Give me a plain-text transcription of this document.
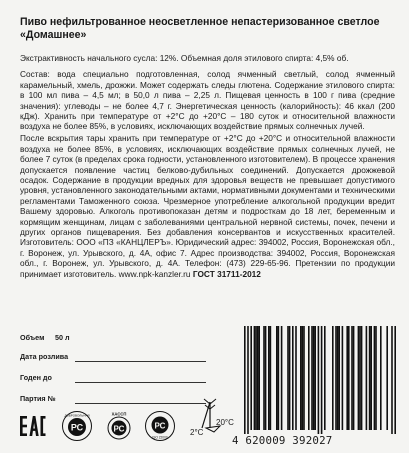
Пиво нефильтрованное неосветленное непастеризованное светлое «Домашнее»

Экстрактивность начального сусла: 12%. Объемная доля этилового спирта: 4,5% об.

Состав: вода специально подготовленная, солод ячменный светлый, солод ячменный карамельный, хмель, дрожжи. Может содержать следы глютена. Содержание этилового спирта: в 100 мл пива – 4,5 мл; в 50,0 л пива – 2,25 л. Пищевая ценность в 100 г пива (средние значения): углеводы – не более 4,7 г. Энергетическая ценность (калорийность): 46 ккал (200 кДж). Хранить при температуре от +2°С до +20°С – 180 суток и относительной влажности воздуха не более 85%, в условиях, исключающих воздействие прямых солнечных лучей.

После вскрытия тары хранить при температуре от +2°С до +20°С и относительной влажности воздуха не более 85%, в условиях, исключающих воздействие прямых солнечных лучей, не более 7 суток (в пределах срока годности, установленного изготовителем). В процессе хранения допускается появление частиц белково-дубильных соединений. Допускается дрожжевой осадок. Содержание в продукции вредных для здоровья веществ не превышает допустимого уровня, установленного законодательными актами, нормативными документами и техническими регламентами Таможенного союза. Чрезмерное употребление алкогольной продукции вредит Вашему здоровью. Алкоголь противопоказан детям и подросткам до 18 лет, беременным и кормящим женщинам, лицам с заболеваниями центральной нервной системы, почек, печени и других органов пищеварения. Без добавления консервантов и искусственных красителей. Изготовитель: ООО «ПЗ «КАНЦЛЕРЪ». Юридический адрес: 394002, Россия, Воронежская обл., г. Воронеж, ул. Урывского, д. 4А, офис 7. Адрес производства: 394002, Россия, Воронежская обл., г. Воронеж, ул. Урывского, д. 4А. Телефон: (473) 229-65-96. Претензии по продукции принимает изготовитель. www.npk-kanzler.ru ГОСТ 31711-2012

Объем 50 л
Дата розлива
Годен до
Партия №
РС
ДОБРОВОЛЬНАЯ	ХАССП
РС	РС
ISO 22000
2°C
20°C
4 620009 392027
